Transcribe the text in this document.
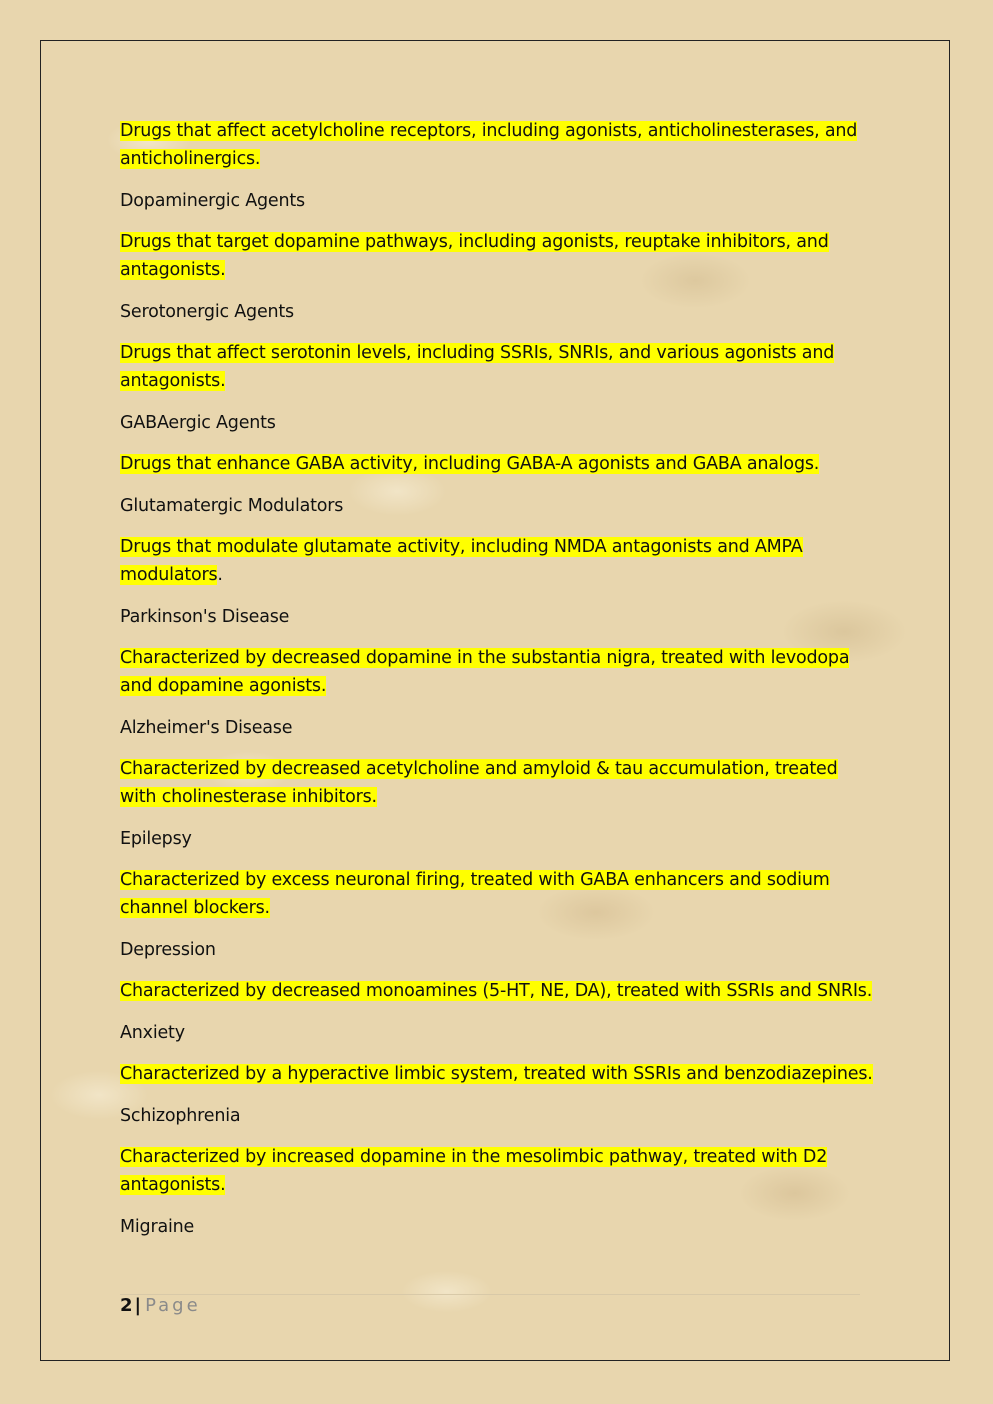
Drugs that affect acetylcholine receptors, including agonists, anticholinesterases, and anticholinergics.

Dopaminergic Agents

Drugs that target dopamine pathways, including agonists, reuptake inhibitors, and antagonists.

Serotonergic Agents

Drugs that affect serotonin levels, including SSRIs, SNRIs, and various agonists and antagonists.

GABAergic Agents

Drugs that enhance GABA activity, including GABA-A agonists and GABA analogs.

Glutamatergic Modulators

Drugs that modulate glutamate activity, including NMDA antagonists and AMPA modulators.

Parkinson's Disease

Characterized by decreased dopamine in the substantia nigra, treated with levodopa and dopamine agonists.

Alzheimer's Disease

Characterized by decreased acetylcholine and amyloid & tau accumulation, treated with cholinesterase inhibitors.

Epilepsy

Characterized by excess neuronal firing, treated with GABA enhancers and sodium channel blockers.

Depression

Characterized by decreased monoamines (5-HT, NE, DA), treated with SSRIs and SNRIs.

Anxiety

Characterized by a hyperactive limbic system, treated with SSRIs and benzodiazepines.

Schizophrenia

Characterized by increased dopamine in the mesolimbic pathway, treated with D2 antagonists.

Migraine

2 | Page
